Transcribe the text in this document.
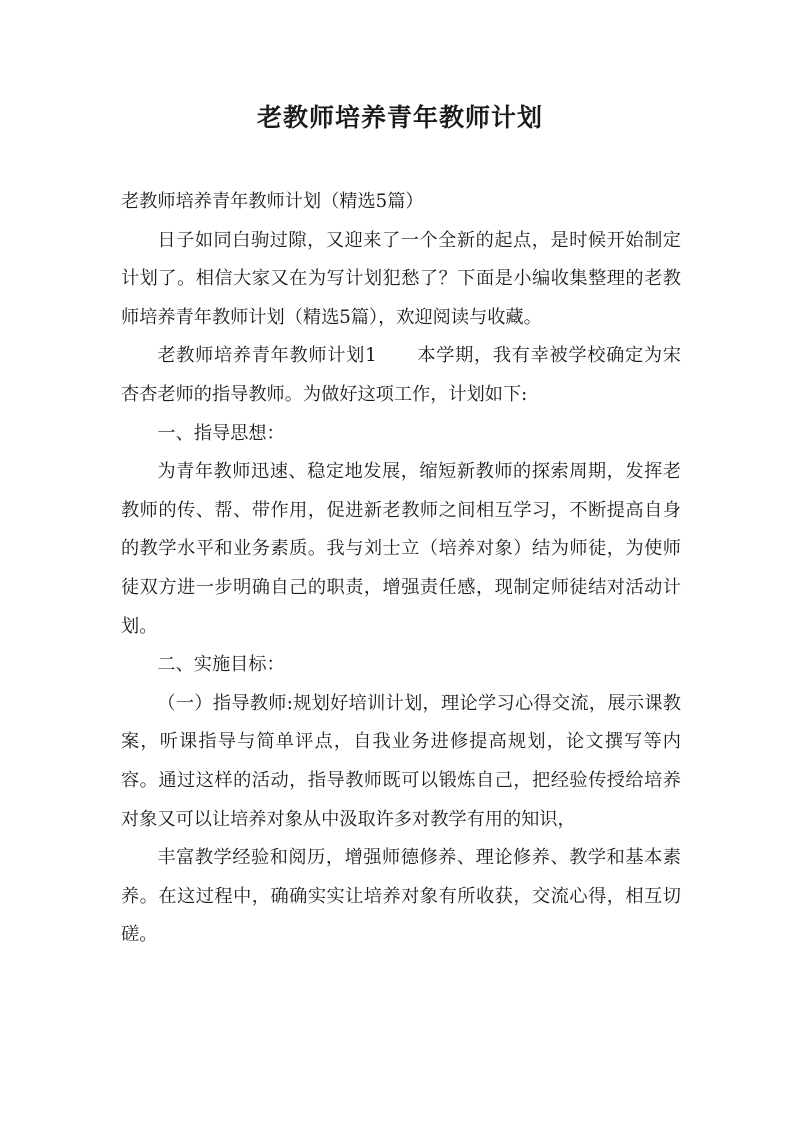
老教师培养青年教师计划

老教师培养青年教师计划（精选5篇）

日子如同白驹过隙，又迎来了一个全新的起点，是时候开始制定计划了。相信大家又在为写计划犯愁了？下面是小编收集整理的老教师培养青年教师计划（精选5篇），欢迎阅读与收藏。

老教师培养青年教师计划1 本学期，我有幸被学校确定为宋杏杏老师的指导教师。为做好这项工作，计划如下:

一、指导思想：

为青年教师迅速、稳定地发展，缩短新教师的探索周期，发挥老教师的传、帮、带作用，促进新老教师之间相互学习，不断提高自身的教学水平和业务素质。我与刘士立（培养对象）结为师徒，为使师徒双方进一步明确自己的职责，增强责任感，现制定师徒结对活动计划。

二、实施目标：

（一）指导教师:规划好培训计划，理论学习心得交流，展示课教案，听课指导与简单评点，自我业务进修提高规划，论文撰写等内容。通过这样的活动，指导教师既可以锻炼自己，把经验传授给培养对象又可以让培养对象从中汲取许多对教学有用的知识，

丰富教学经验和阅历，增强师德修养、理论修养、教学和基本素养。在这过程中，确确实实让培养对象有所收获，交流心得，相互切磋。
